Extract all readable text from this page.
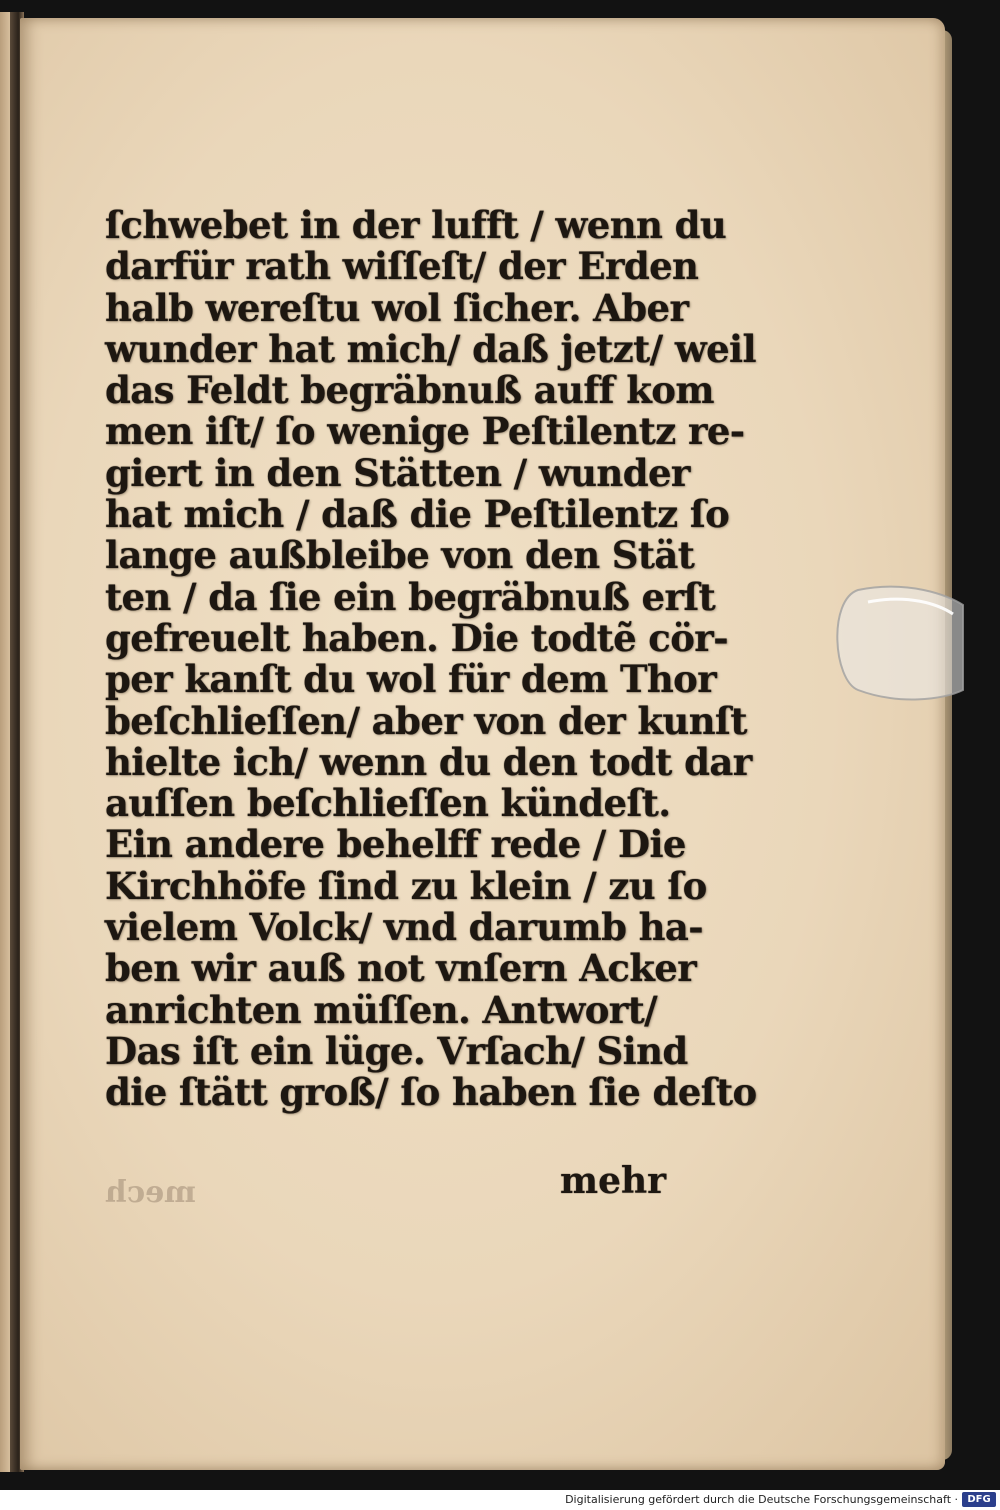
ſchwebet in der lufft / wenn du
darfür rath wiſſeſt/ der Erden
halb wereſtu wol ſicher. Aber
wunder hat mich/ daß jetzt/ weil
das Feldt begräbnuß auff kom
men iſt/ ſo wenige Peſtilentz re-
giert in den Stätten / wunder
hat mich / daß die Peſtilentz ſo
lange außbleibe von den Stät
ten / da ſie ein begräbnuß erſt
gefreuelt haben. Die todtẽ cör-
per kanſt du wol für dem Thor
beſchlieſſen/ aber von der kunſt
hielte ich/ wenn du den todt dar
auſſen beſchlieſſen kündeſt.
Ein andere behelff rede / Die
Kirchhöfe ſind zu klein / zu ſo
vielem Volck/ vnd darumb ha-
ben wir auß not vnſern Acker
anrichten müſſen. Antwort/
Das iſt ein lüge. Vrſach/ Sind
die ſtätt groß/ ſo haben ſie deſto
mehr
mech
Digitalisierung gefördert durch die Deutsche Forschungsgemeinschaft · DFG
